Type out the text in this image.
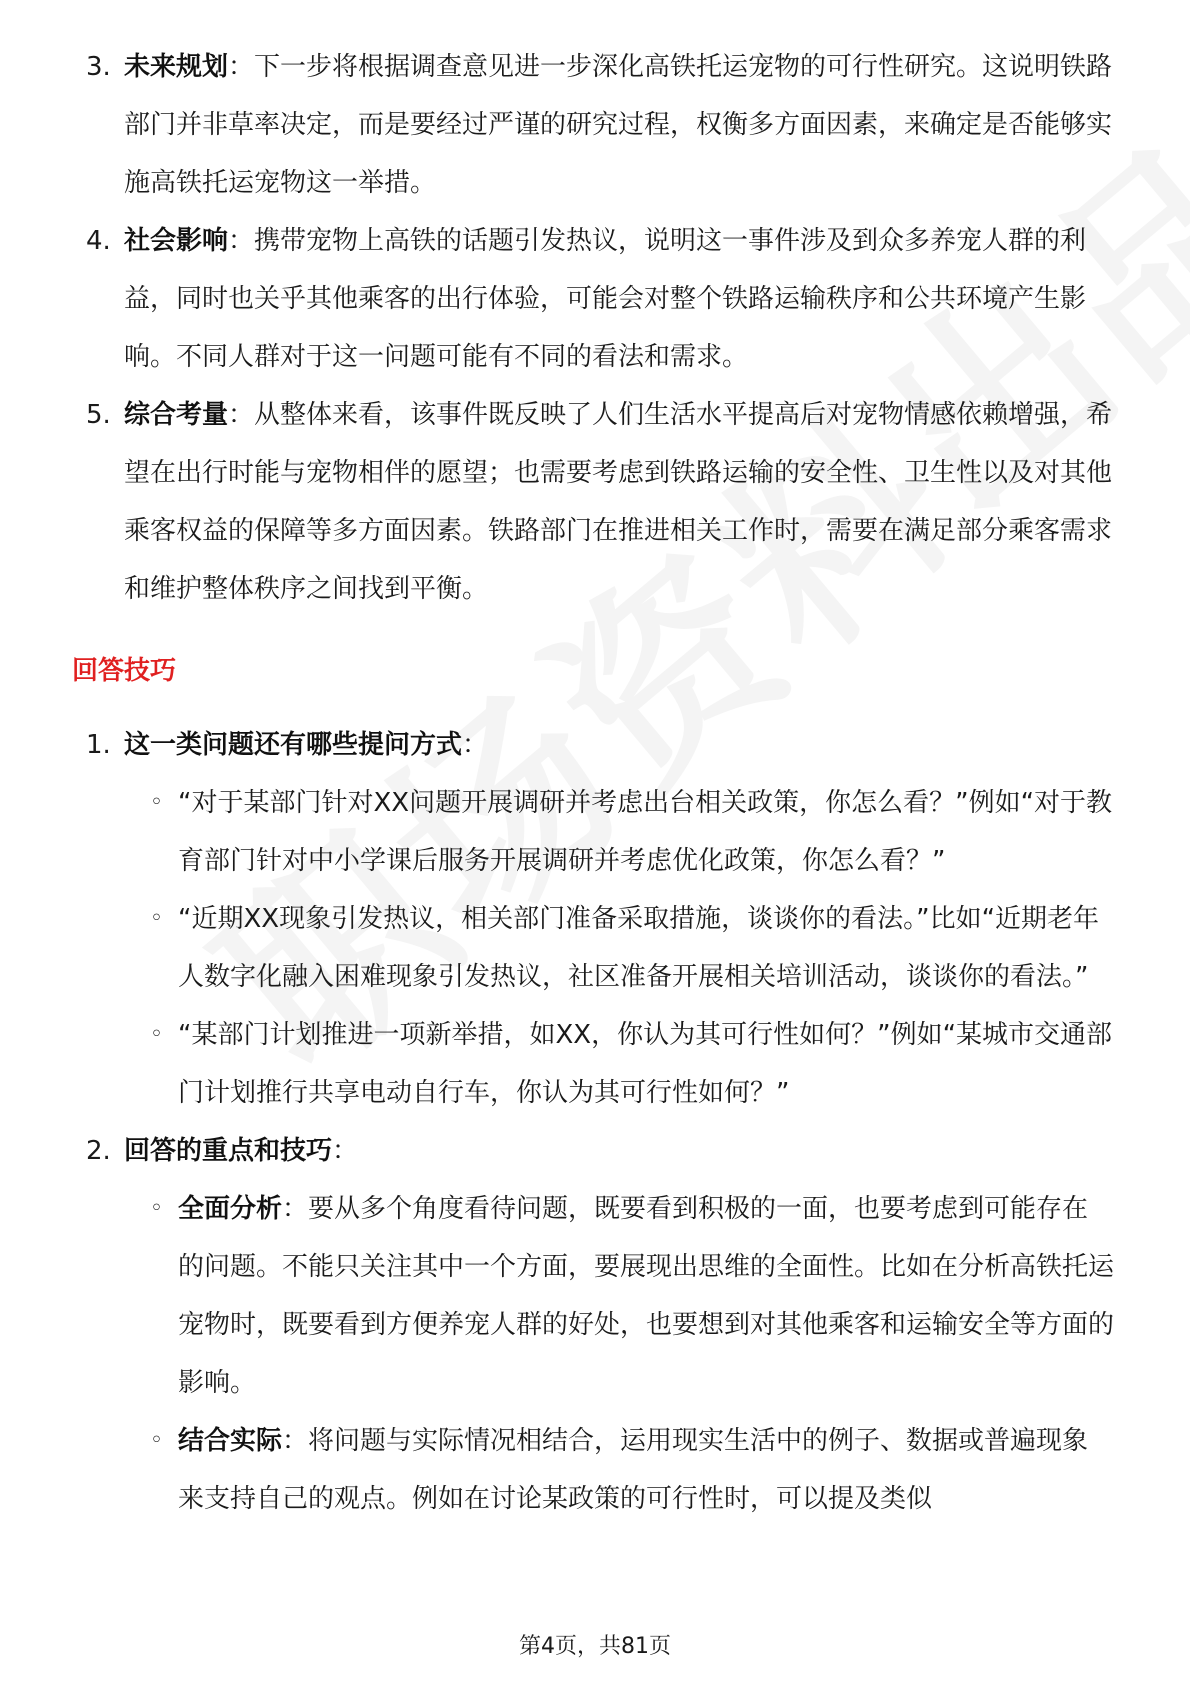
3. 未来规划：下一步将根据调查意见进一步深化高铁托运宠物的可行性研究。这说明铁路部门并非草率决定，而是要经过严谨的研究过程，权衡多方面因素，来确定是否能够实施高铁托运宠物这一举措。
4. 社会影响：携带宠物上高铁的话题引发热议，说明这一事件涉及到众多养宠人群的利益，同时也关乎其他乘客的出行体验，可能会对整个铁路运输秩序和公共环境产生影响。不同人群对于这一问题可能有不同的看法和需求。
5. 综合考量：从整体来看，该事件既反映了人们生活水平提高后对宠物情感依赖增强，希望在出行时能与宠物相伴的愿望；也需要考虑到铁路运输的安全性、卫生性以及对其他乘客权益的保障等多方面因素。铁路部门在推进相关工作时，需要在满足部分乘客需求和维护整体秩序之间找到平衡。
回答技巧
1. 这一类问题还有哪些提问方式：
◦ “对于某部门针对XX问题开展调研并考虑出台相关政策，你怎么看？”例如“对于教育部门针对中小学课后服务开展调研并考虑优化政策，你怎么看？”
◦ “近期XX现象引发热议，相关部门准备采取措施，谈谈你的看法。”比如“近期老年人数字化融入困难现象引发热议，社区准备开展相关培训活动，谈谈你的看法。”
◦ “某部门计划推进一项新举措，如XX，你认为其可行性如何？”例如“某城市交通部门计划推行共享电动自行车，你认为其可行性如何？”
2. 回答的重点和技巧：
◦ 全面分析：要从多个角度看待问题，既要看到积极的一面，也要考虑到可能存在的问题。不能只关注其中一个方面，要展现出思维的全面性。比如在分析高铁托运宠物时，既要看到方便养宠人群的好处，也要想到对其他乘客和运输安全等方面的影响。
◦ 结合实际：将问题与实际情况相结合，运用现实生活中的例子、数据或普遍现象来支持自己的观点。例如在讨论某政策的可行性时，可以提及类似
第4页，共81页
